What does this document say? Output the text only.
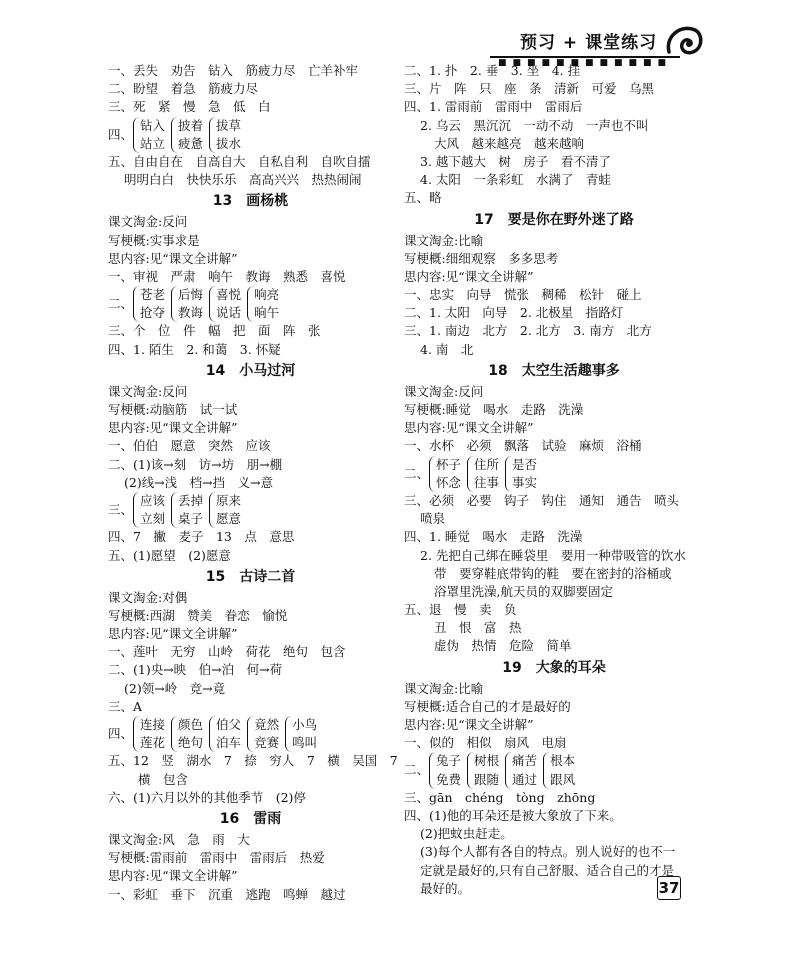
预习 + 课堂练习
■■■■■■■■■■■■
一、丢失　劝告　钻入　筋疲力尽　亡羊补牢
二、盼望　着急　筋疲力尽
三、死　紧　慢　急　低　白
四、
钻入
站立
披着
疲惫
拔草
拔水
五、自由自在　自高自大　自私自利　自吹自擂
明明白白　快快乐乐　高高兴兴　热热闹闹
13　画杨桃
课文淘金:反问
写梗概:实事求是
思内容:见“课文全讲解”
一、审视　严肃　响午　教诲　熟悉　喜悦
二、
苍老
抢夺
后悔
教诲
喜悦
说话
响亮
晌午
三、个　位　件　幅　把　面　阵　张
四、1. 陌生　2. 和蔼　3. 怀疑
14　小马过河
课文淘金:反问
写梗概:动脑筋　试一试
思内容:见“课文全讲解”
一、伯伯　愿意　突然　应该
二、(1)该→刻　访→坊　朋→棚
(2)线→浅　档→挡　义→意
三、
应该
立刻
丢掉
桌子
原来
愿意
四、7　撇　麦子　13　点　意思
五、(1)愿望　(2)愿意
15　古诗二首
课文淘金:对偶
写梗概:西湖　赞美　眷恋　愉悦
思内容:见“课文全讲解”
一、莲叶　无穷　山岭　荷花　绝句　包含
二、(1)央→映　伯→泊　何→荷
(2)领→岭　竞→竟
三、A
四、
连接
莲花
颜色
绝句
伯父
泊车
竟然
竞赛
小鸟
鸣叫
五、12　竖　湖水　7　捺　穷人　7　横　吴国　7
横　包含
六、(1)六月以外的其他季节　(2)停
16　雷雨
课文淘金:风　急　雨　大
写梗概:雷雨前　雷雨中　雷雨后　热爱
思内容:见“课文全讲解”
一、彩虹　垂下　沉重　逃跑　鸣蝉　越过
二、1. 扑　2. 垂　3. 坐　4. 挂
三、片　阵　只　座　条　清新　可爱　乌黑
四、1. 雷雨前　雷雨中　雷雨后
2. 乌云　黑沉沉　一动不动　一声也不叫
大风　越来越亮　越来越响
3. 越下越大　树　房子　看不清了
4. 太阳　一条彩虹　水满了　青蛙
五、略
17　要是你在野外迷了路
课文淘金:比喻
写梗概:细细观察　多多思考
思内容:见“课文全讲解”
一、忠实　向导　慌张　稠稀　松针　碰上
二、1. 太阳　向导　2. 北极星　指路灯
三、1. 南边　北方　2. 北方　3. 南方　北方
4. 南　北
18　太空生活趣事多
课文淘金:反问
写梗概:睡觉　喝水　走路　洗澡
思内容:见“课文全讲解”
一、水杯　必须　飘落　试验　麻烦　浴桶
二、
杯子
怀念
住所
往事
是否
事实
三、必须　必要　钩子　钩住　通知　通告　喷头
喷泉
四、1. 睡觉　喝水　走路　洗澡
2. 先把自己绑在睡袋里　要用一种带吸管的饮水
带　要穿鞋底带钩的鞋　要在密封的浴桶或
浴罩里洗澡,航天员的双脚要固定
五、退　慢　卖　负
丑　恨　富　热
虚伪　热情　危险　简单
19　大象的耳朵
课文淘金:比喻
写梗概:适合自己的才是最好的
思内容:见“课文全讲解”
一、似的　相似　扇风　电扇
二、
兔子
免费
树根
跟随
痛苦
通过
根本
跟风
三、gān　chéng　tòng　zhōng
四、(1)他的耳朵还是被大象放了下来。
(2)把蚊虫赶走。
(3)每个人都有各自的特点。别人说好的也不一
定就是最好的,只有自己舒服、适合自己的才是
最好的。	37
